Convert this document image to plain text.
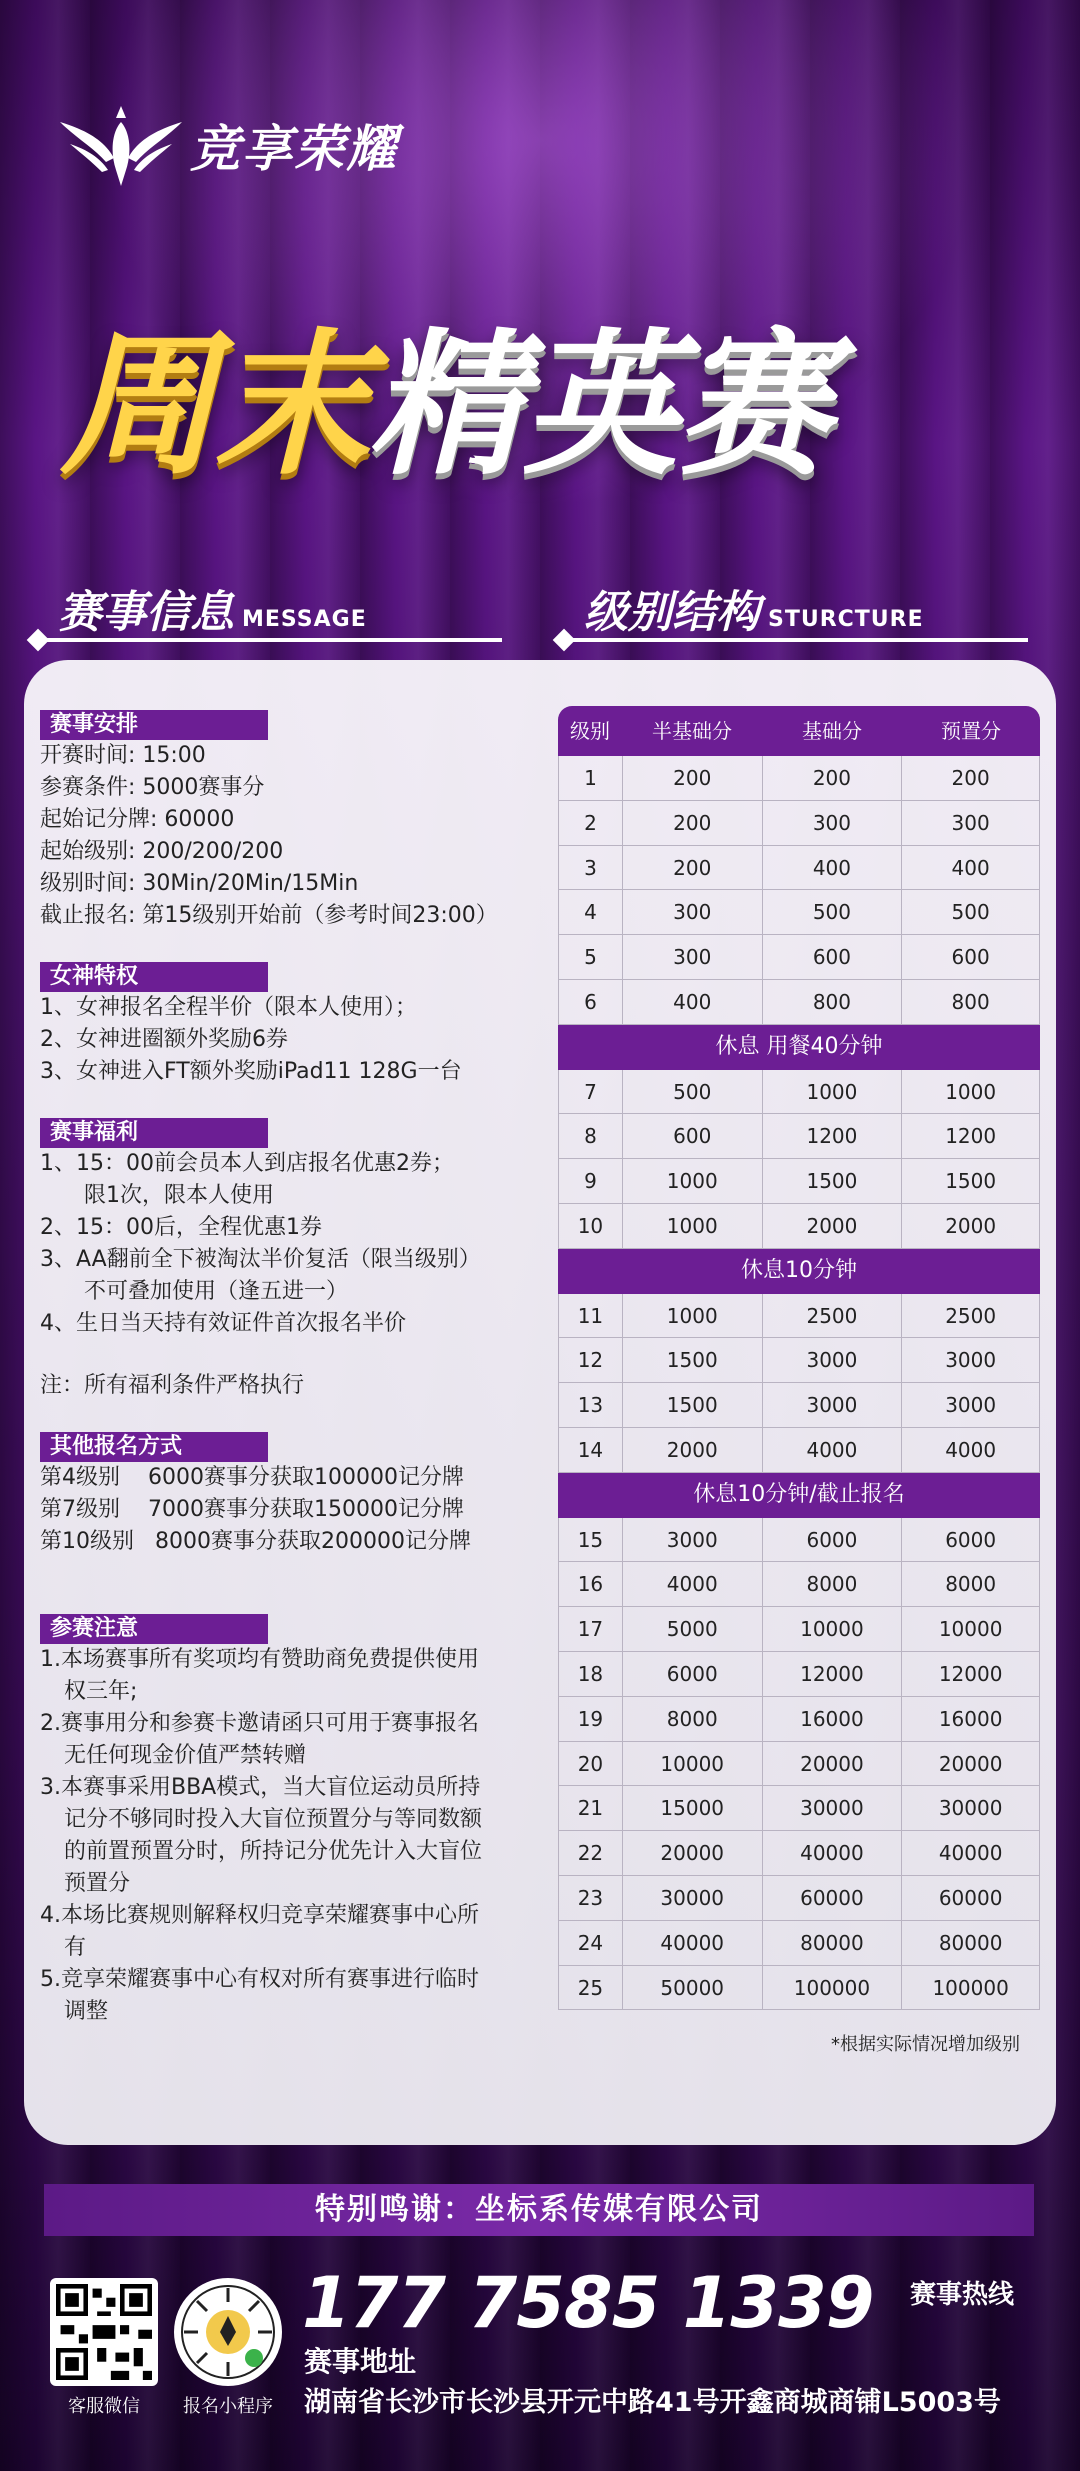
竞享荣耀
周末精英赛
赛事信息 MESSAGE	级别结构 STURCTURE
赛事安排
开赛时间: 15:00
参赛条件: 5000赛事分
起始记分牌: 60000
起始级别: 200/200/200
级别时间: 30Min/20Min/15Min
截止报名: 第15级别开始前（参考时间23:00）
女神特权
1、女神报名全程半价（限本人使用）；
2、女神进圈额外奖励6券
3、女神进入FT额外奖励iPad11 128G一台
赛事福利
1、15：00前会员本人到店报名优惠2券；
限1次，限本人使用
2、15：00后，全程优惠1券
3、AA翻前全下被淘汰半价复活（限当级别）
不可叠加使用（逢五进一）
4、生日当天持有效证件首次报名半价
注：所有福利条件严格执行
其他报名方式
第4级别    6000赛事分获取100000记分牌
第7级别    7000赛事分获取150000记分牌
第10级别   8000赛事分获取200000记分牌
参赛注意
1.本场赛事所有奖项均有赞助商免费提供使用
权三年;
2.赛事用分和参赛卡邀请函只可用于赛事报名
无任何现金价值严禁转赠
3.本赛事采用BBA模式，当大盲位运动员所持
记分不够同时投入大盲位预置分与等同数额
的前置预置分时，所持记分优先计入大盲位
预置分
4.本场比赛规则解释权归竞享荣耀赛事中心所
有
5.竞享荣耀赛事中心有权对所有赛事进行临时
调整
级别	半基础分	基础分	预置分
1	200	200	200
2	200	300	300
3	200	400	400
4	300	500	500
5	300	600	600
6	400	800	800
休息 用餐40分钟
7	500	1000	1000
8	600	1200	1200
9	1000	1500	1500
10	1000	2000	2000
休息10分钟
11	1000	2500	2500
12	1500	3000	3000
13	1500	3000	3000
14	2000	4000	4000
休息10分钟/截止报名
15	3000	6000	6000
16	4000	8000	8000
17	5000	10000	10000
18	6000	12000	12000
19	8000	16000	16000
20	10000	20000	20000
21	15000	30000	30000
22	20000	40000	40000
23	30000	60000	60000
24	40000	80000	80000
25	50000	100000	100000
*根据实际情况增加级别
特别鸣谢：坐标系传媒有限公司
客服微信	报名小程序
177 7585 1339 赛事热线
赛事地址
湖南省长沙市长沙县开元中路41号开鑫商城商铺L5003号
